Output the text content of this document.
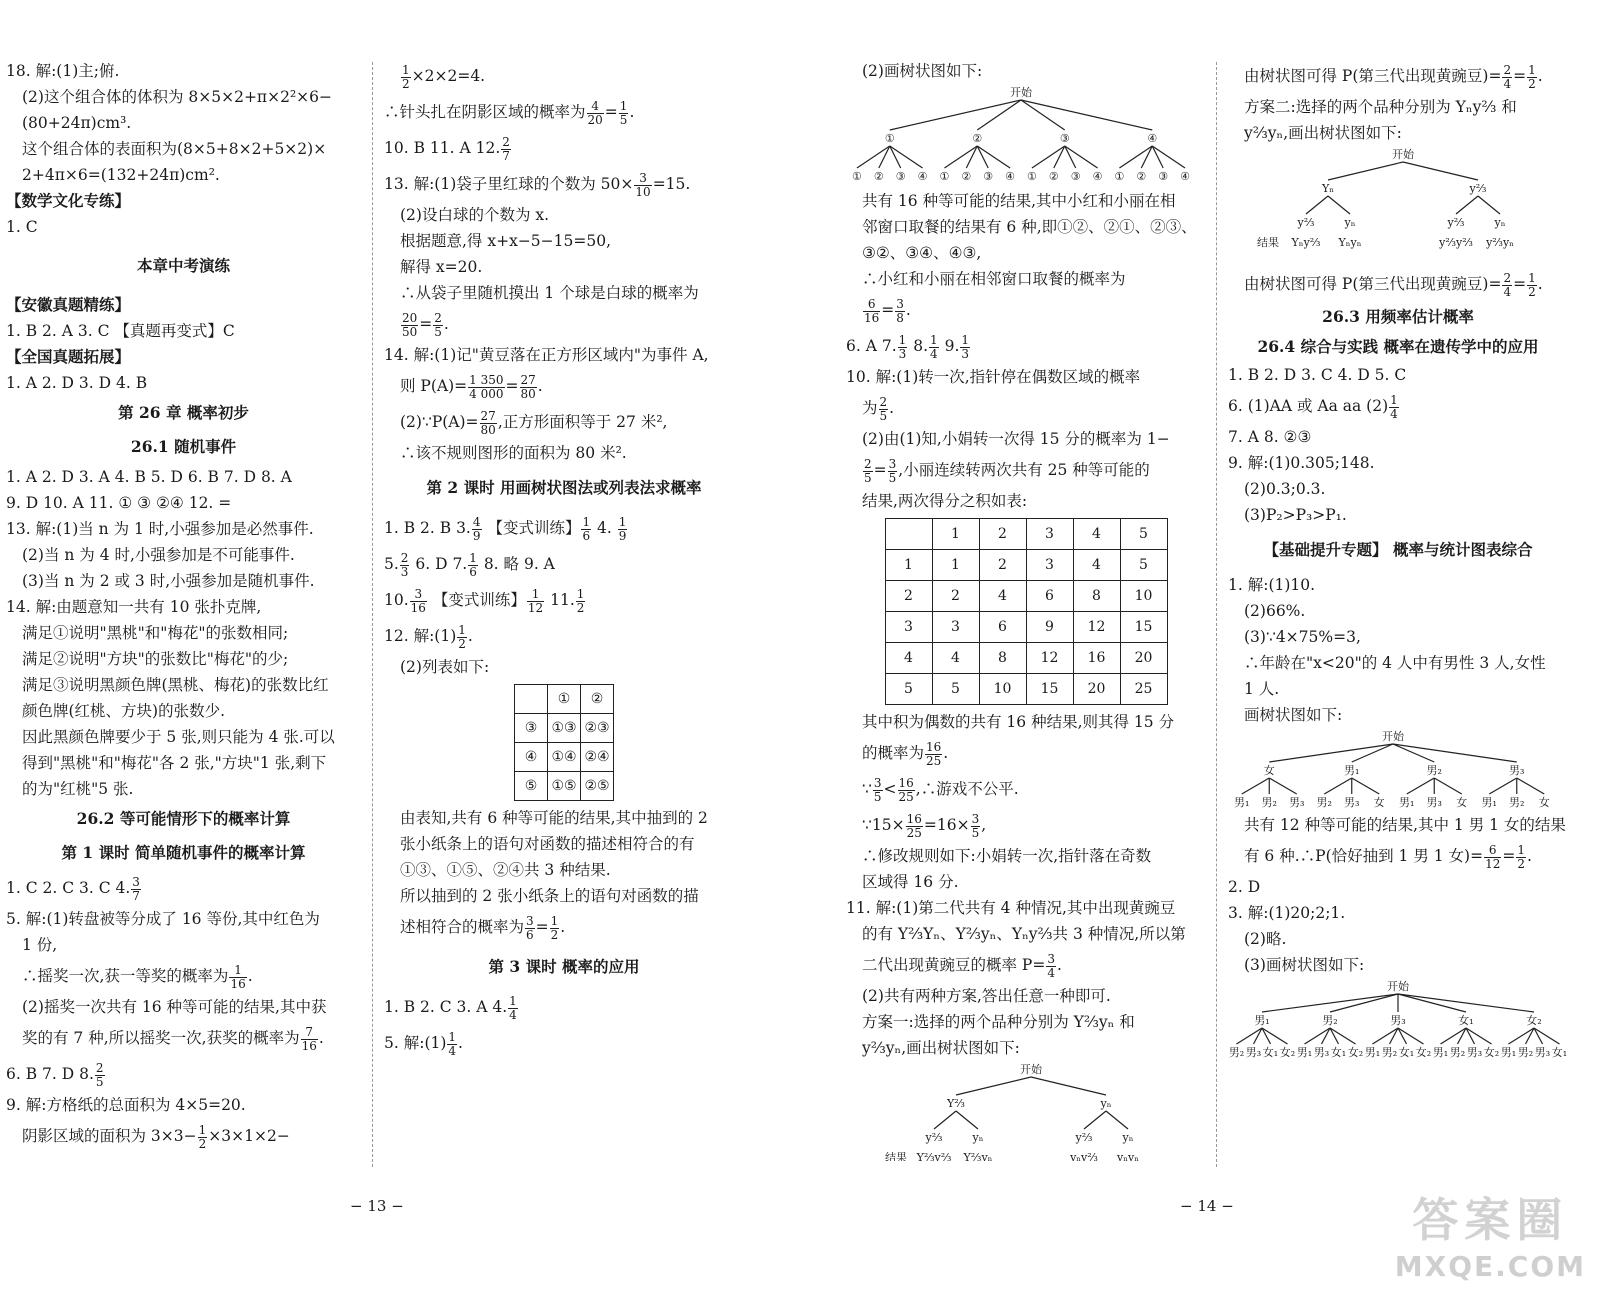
18. 解:(1)主;俯.
(2)这个组合体的体积为 8×5×2+π×2²×6−
(80+24π)cm³.
这个组合体的表面积为(8×5+8×2+5×2)×
2+4π×6=(132+24π)cm².
【数学文化专练】
1. C
本章中考演练
【安徽真题精练】
1. B 2. A 3. C 【真题再变式】C
【全国真题拓展】
1. A 2. D 3. D 4. B
第 26 章 概率初步
26.1 随机事件
1. A 2. D 3. A 4. B 5. D 6. B 7. D 8. A
9. D 10. A 11. ① ③ ②④ 12. =
13. 解:(1)当 n 为 1 时,小强参加是必然事件.
(2)当 n 为 4 时,小强参加是不可能事件.
(3)当 n 为 2 或 3 时,小强参加是随机事件.
14. 解:由题意知一共有 10 张扑克牌,
满足①说明"黑桃"和"梅花"的张数相同;
满足②说明"方块"的张数比"梅花"的少;
满足③说明黑颜色牌(黑桃、梅花)的张数比红
颜色牌(红桃、方块)的张数少.
因此黑颜色牌要少于 5 张,则只能为 4 张.可以
得到"黑桃"和"梅花"各 2 张,"方块"1 张,剩下
的为"红桃"5 张.
26.2 等可能情形下的概率计算
第 1 课时 简单随机事件的概率计算
1. C 2. C 3. C 4. $\frac{3}{7}$
5. 解:(1)转盘被等分成了 16 等份,其中红色为
1 份,
∴摇奖一次,获一等奖的概率为 $\frac{1}{16}$ .
(2)摇奖一次共有 16 种等可能的结果,其中获
奖的有 7 种,所以摇奖一次,获奖的概率为 $\frac{7}{16}$ .
6. B 7. D 8. $\frac{2}{5}$
9. 解:方格纸的总面积为 4×5=20.
阴影区域的面积为 $3\times 3- \frac{1}{2} \times 3\times 1\times 2-$
$\frac{1}{2} \times 2\times 2=4$.
∴针头扎在阴影区域的概率为 $\frac{4}{20} = \frac{1}{5}$ .
10. B 11. A 12. $\frac{2}{7}$
13. 解:(1)袋子里红球的个数为 $50\times \frac{3}{10} =15$.
(2)设白球的个数为 x.
根据题意,得 x+x−5−15=50,
解得 x=20.
∴从袋子里随机摸出 1 个球是白球的概率为
$\frac{20}{50} = \frac{2}{5}$ .
14. 解:(1)记"黄豆落在正方形区域内"为事件 A,
则 $P(A)= \frac{1 350}{4 000} = \frac{27}{80}$ .
(2)∵P(A)= $\frac{27}{80}$ ,正方形面积等于 27 米²,
∴该不规则图形的面积为 80 米².
第 2 课时 用画树状图法或列表法求概率
1. B 2. B 3. $\frac{4}{9}$ 【变式训练】 $\frac{1}{6} 4$. $\frac{1}{9}$
5. $\frac{2}{3} 6$. D 7. $\frac{1}{6} 8$. 略 9. A
10. $\frac{3}{16}$ 【变式训练】 $\frac{1}{12} 11$. $\frac{1}{2}$
12. 解:(1) $\frac{1}{2}$ .
(2)列表如下:
	①	②
③	①③	②③
④	①④	②④
⑤	①⑤	②⑤
由表知,共有 6 种等可能的结果,其中抽到的 2
张小纸条上的语句对函数的描述相符合的有
①③、①⑤、②④共 3 种结果.
所以抽到的 2 张小纸条上的语句对函数的描
述相符合的概率为 $\frac{3}{6} = \frac{1}{2}$ .
第 3 课时 概率的应用
1. B 2. C 3. A 4. $\frac{1}{4}$
5. 解:(1) $\frac{1}{4}$ .
− 13 −
(2)画树状图如下:
开始
①
① ② ③ ④
②
① ② ③ ④
③
① ② ③ ④
④
① ② ③ ④
共有 16 种等可能的结果,其中小红和小丽在相
邻窗口取餐的结果有 6 种,即①②、②①、②③、
③②、③④、④③,
∴小红和小丽在相邻窗口取餐的概率为
$\frac{6}{16} = \frac{3}{8}$ .
6. A 7. $\frac{1}{3} 8$. $\frac{1}{4} 9$. $\frac{1}{3}$
10. 解:(1)转一次,指针停在偶数区域的概率
为 $\frac{2}{5}$ .
(2)由(1)知,小娟转一次得 15 分的概率为 1−
$\frac{2}{5} = \frac{3}{5}$ ,小丽连续转两次共有 25 种等可能的
结果,两次得分之积如表:
	1	2	3	4	5
1	1	2	3	4	5
2	2	4	6	8	10
3	3	6	9	12	15
4	4	8	12	16	20
5	5	10	15	20	25
其中积为偶数的共有 16 种结果,则其得 15 分
的概率为 $\frac{16}{25}$ .
∵ $\frac{3}{5} < \frac{16}{25}$ ,∴游戏不公平.
∵15× $\frac{16}{25} =16\times \frac{3}{5}$ ,
∴修改规则如下:小娟转一次,指针落在奇数
区域得 16 分.
11. 解:(1)第二代共有 4 种情况,其中出现黄豌豆
的有 Y⅔Yₙ、Y⅔yₙ、Yₙy⅔共 3 种情况,所以第
二代出现黄豌豆的概率 $P= \frac{3}{4}$ .
(2)共有两种方案,答出任意一种即可.
方案一:选择的两个品种分别为 Y⅔yₙ 和
y⅔yₙ,画出树状图如下:
开始
Y⅔
y⅔
Y⅔y⅔
yₙ
Y⅔yₙ
yₙ
y⅔
yₙy⅔
yₙ
yₙyₙ
结果
由树状图可得 P(第三代出现黄豌豆)= $\frac{2}{4} = \frac{1}{2}$ .
方案二:选择的两个品种分别为 Yₙy⅔ 和
y⅔yₙ,画出树状图如下:
开始
Yₙ
y⅔
Yₙy⅔
yₙ
Yₙyₙ
y⅔
y⅔
y⅔y⅔
yₙ
y⅔yₙ
结果
由树状图可得 P(第三代出现黄豌豆)= $\frac{2}{4} = \frac{1}{2}$ .
26.3 用频率估计概率
26.4 综合与实践 概率在遗传学中的应用
1. B 2. D 3. C 4. D 5. C
6. (1)AA 或 Aa aa $(2) \frac{1}{4}$
7. A 8. ②③
9. 解:(1)0.305;148.
(2)0.3;0.3.
(3)P₂>P₃>P₁.
【基础提升专题】 概率与统计图表综合
1. 解:(1)10.
(2)66%.
(3)∵4×75%=3,
∴年龄在"x<20"的 4 人中有男性 3 人,女性
1 人.
画树状图如下:
开始
女
男₁ 男₂ 男₃
男₁
男₂ 男₃ 女
男₂
男₁ 男₃ 女
男₃
男₁ 男₂ 女
共有 12 种等可能的结果,其中 1 男 1 女的结果
有 6 种.∴P(恰好抽到 1 男 1 女)= $\frac{6}{12} = \frac{1}{2}$ .
2. D
3. 解:(1)20;2;1.
(2)略.
(3)画树状图如下:
开始
男₁
男₂ 男₃ 女₁ 女₂
男₂
男₁ 男₃ 女₁ 女₂
男₃
男₁ 男₂ 女₁ 女₂
女₁
男₁ 男₂ 男₃ 女₂
女₂
男₁ 男₂ 男₃ 女₁
− 14 −	答案圈
MXQE.COM
